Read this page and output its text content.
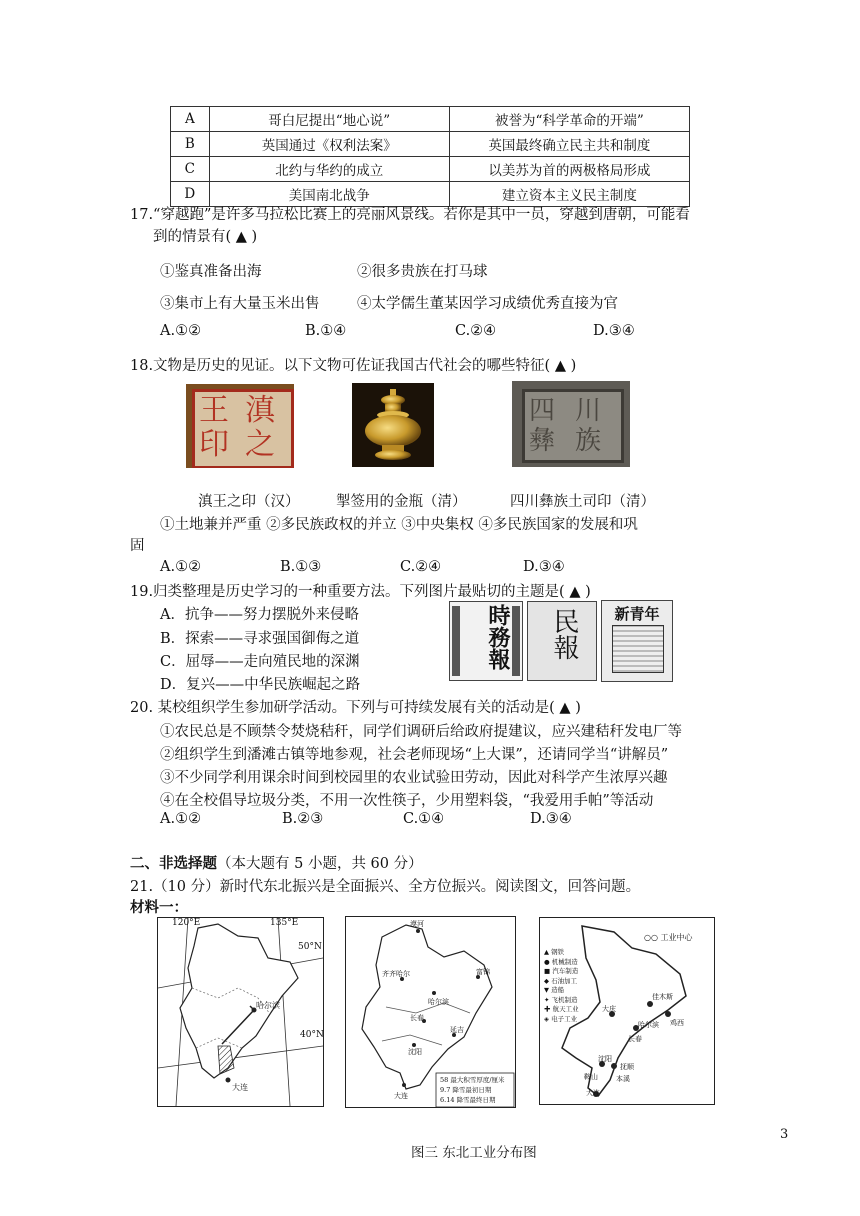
A	哥白尼提出“地心说”	被誉为“科学革命的开端”
B	英国通过《权利法案》	英国最终确立民主共和制度
C	北约与华约的成立	以美苏为首的两极格局形成
D	美国南北战争	建立资本主义民主制度
17.“穿越跑”是许多马拉松比赛上的亮丽风景线。若你是其中一员，穿越到唐朝，可能看
到的情景有( ▲ )
①鉴真准备出海	②很多贵族在打马球
③集市上有大量玉米出售	④太学儒生董某因学习成绩优秀直接为官
A.①②	B.①④	C.②④	D.③④
18.文物是历史的见证。以下文物可佐证我国古代社会的哪些特征( ▲ )
王 滇
印 之
四 川
彝 族
滇王之印（汉）	掣签用的金瓶（清）	四川彝族土司印（清）
①土地兼并严重 ②多民族政权的并立 ③中央集权 ④多民族国家的发展和巩
固
A.①②	B.①③	C.②④	D.③④
19.归类整理是历史学习的一种重要方法。下列图片最贴切的主题是( ▲ )
A．抗争——努力摆脱外来侵略
B．探索——寻求强国御侮之道
C．屈辱——走向殖民地的深渊
D．复兴——中华民族崛起之路
時務報 民報	新青年
20. 某校组织学生参加研学活动。下列与可持续发展有关的活动是( ▲ )
①农民总是不顾禁令焚烧秸秆，同学们调研后给政府提建议，应兴建秸秆发电厂等
②组织学生到潘滩古镇等地参观，社会老师现场“上大课”，还请同学当“讲解员”
③不少同学利用课余时间到校园里的农业试验田劳动，因此对科学产生浓厚兴趣
④在全校倡导垃圾分类，不用一次性筷子，少用塑料袋，“我爱用手帕”等活动
A.①②	B.②③	C.①④	D.③④
二、非选择题（本大题有 5 小题，共 60 分）
21.（10 分）新时代东北振兴是全面振兴、全方位振兴。阅读图文，回答问题。
材料一：
120°E	135°E
50°N
40°N
哈尔滨
大连
漠河
齐齐哈尔
哈尔滨
长春
富锦
延吉
沈阳
大连
58 最大积雪厚度/厘米
9.7 降雪最初日期
6.14 降雪最终日期
○○ 工业中心
▲ 钢铁
● 机械制造
■ 汽车制造
◆ 石油加工
▼ 造船
✦ 飞机制造
✚ 航天工业
◈ 电子工业
大庆
哈尔滨
长春
鸡西
佳木斯
沈阳
抚顺
鞍山	本溪
大连
3
图三 东北工业分布图
